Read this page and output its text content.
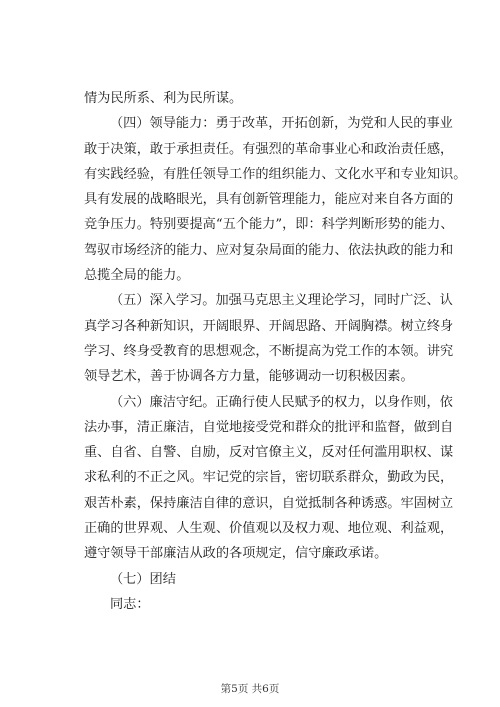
情为民所系、利为民所谋。
（四）领导能力：勇于改革，开拓创新，为党和人民的事业
敢于决策，敢于承担责任。有强烈的革命事业心和政治责任感，
有实践经验，有胜任领导工作的组织能力、文化水平和专业知识。
具有发展的战略眼光，具有创新管理能力，能应对来自各方面的
竞争压力。特别要提高“五个能力”，即：科学判断形势的能力、
驾驭市场经济的能力、应对复杂局面的能力、依法执政的能力和
总揽全局的能力。
（五）深入学习。加强马克思主义理论学习，同时广泛、认
真学习各种新知识，开阔眼界、开阔思路、开阔胸襟。树立终身
学习、终身受教育的思想观念，不断提高为党工作的本领。讲究
领导艺术，善于协调各方力量，能够调动一切积极因素。
（六）廉洁守纪。正确行使人民赋予的权力，以身作则，依
法办事，清正廉洁，自觉地接受党和群众的批评和监督，做到自
重、自省、自警、自励，反对官僚主义，反对任何滥用职权、谋
求私利的不正之风。牢记党的宗旨，密切联系群众，勤政为民，
艰苦朴素，保持廉洁自律的意识，自觉抵制各种诱惑。牢固树立
正确的世界观、人生观、价值观以及权力观、地位观、利益观，
遵守领导干部廉洁从政的各项规定，信守廉政承诺。
（七）团结
同志：
第5页 共6页
